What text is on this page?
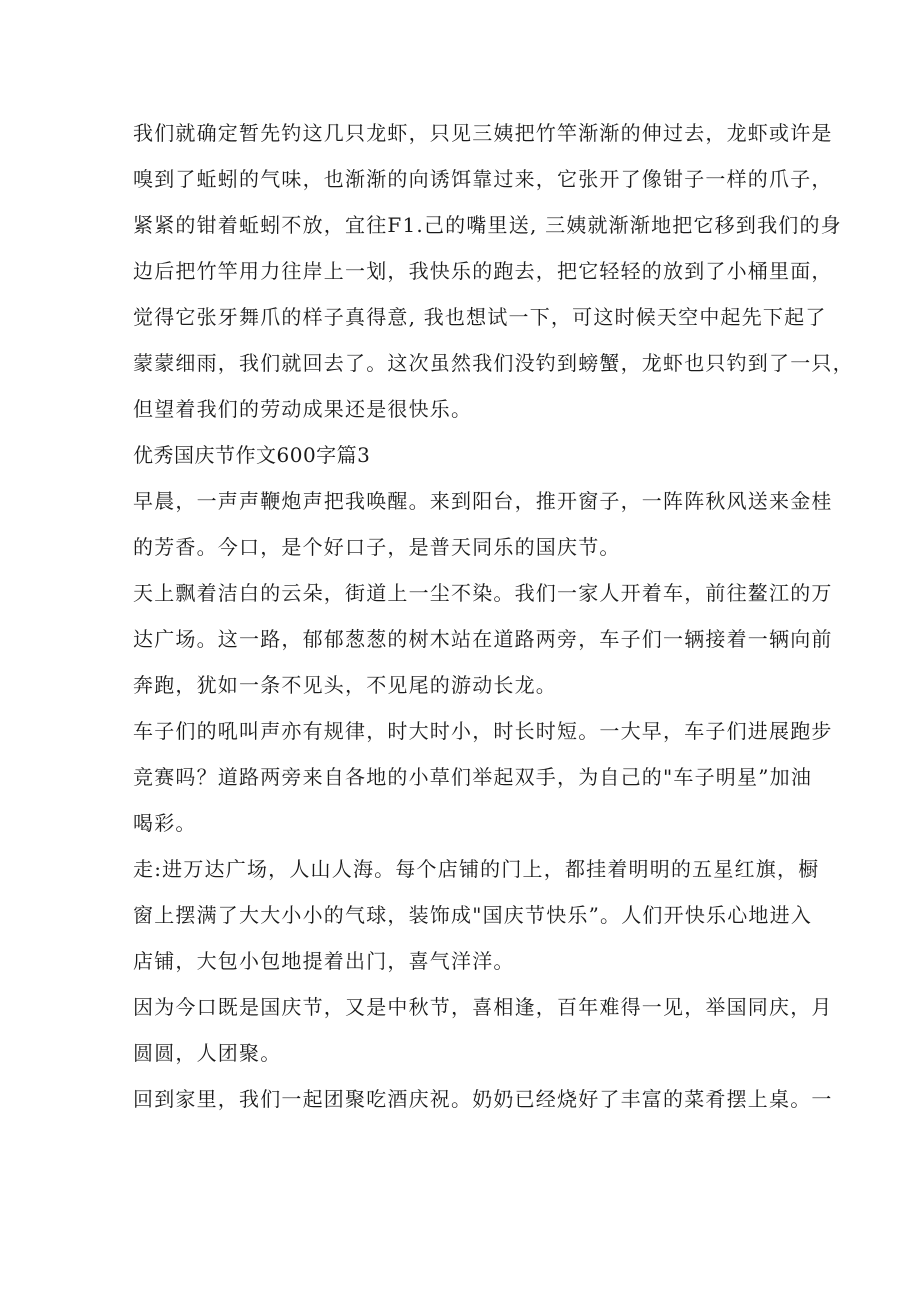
我们就确定暂先钓这几只龙虾，只见三姨把竹竿渐渐的伸过去，龙虾或许是
嗅到了蚯蚓的气味，也渐渐的向诱饵靠过来，它张开了像钳子一样的爪子，
紧紧的钳着蚯蚓不放，宜往F1.己的嘴里送, 三姨就渐渐地把它移到我们的身
边后把竹竿用力往岸上一划，我快乐的跑去，把它轻轻的放到了小桶里面，
觉得它张牙舞爪的样子真得意, 我也想试一下，可这时候天空中起先下起了
蒙蒙细雨，我们就回去了。这次虽然我们没钓到螃蟹，龙虾也只钓到了一只，
但望着我们的劳动成果还是很快乐。
优秀国庆节作文600字篇3
早晨，一声声鞭炮声把我唤醒。来到阳台，推开窗子，一阵阵秋风送来金桂
的芳香。今口，是个好口子，是普天同乐的国庆节。
天上飘着洁白的云朵，街道上一尘不染。我们一家人开着车，前往鳌江的万
达广场。这一路，郁郁葱葱的树木站在道路两旁，车子们一辆接着一辆向前
奔跑，犹如一条不见头，不见尾的游动长龙。
车子们的吼叫声亦有规律，时大时小，时长时短。一大早，车子们进展跑步
竞赛吗？道路两旁来自各地的小草们举起双手，为自己的"车子明星”加油
喝彩。
走:进万达广场，人山人海。每个店铺的门上，都挂着明明的五星红旗，橱
窗上摆满了大大小小的气球，装饰成"国庆节快乐”。人们开快乐心地进入
店铺，大包小包地提着出门，喜气洋洋。
因为今口既是国庆节，又是中秋节，喜相逢，百年难得一见，举国同庆，月
圆圆，人团聚。
回到家里，我们一起团聚吃酒庆祝。奶奶已经烧好了丰富的菜肴摆上桌。一
